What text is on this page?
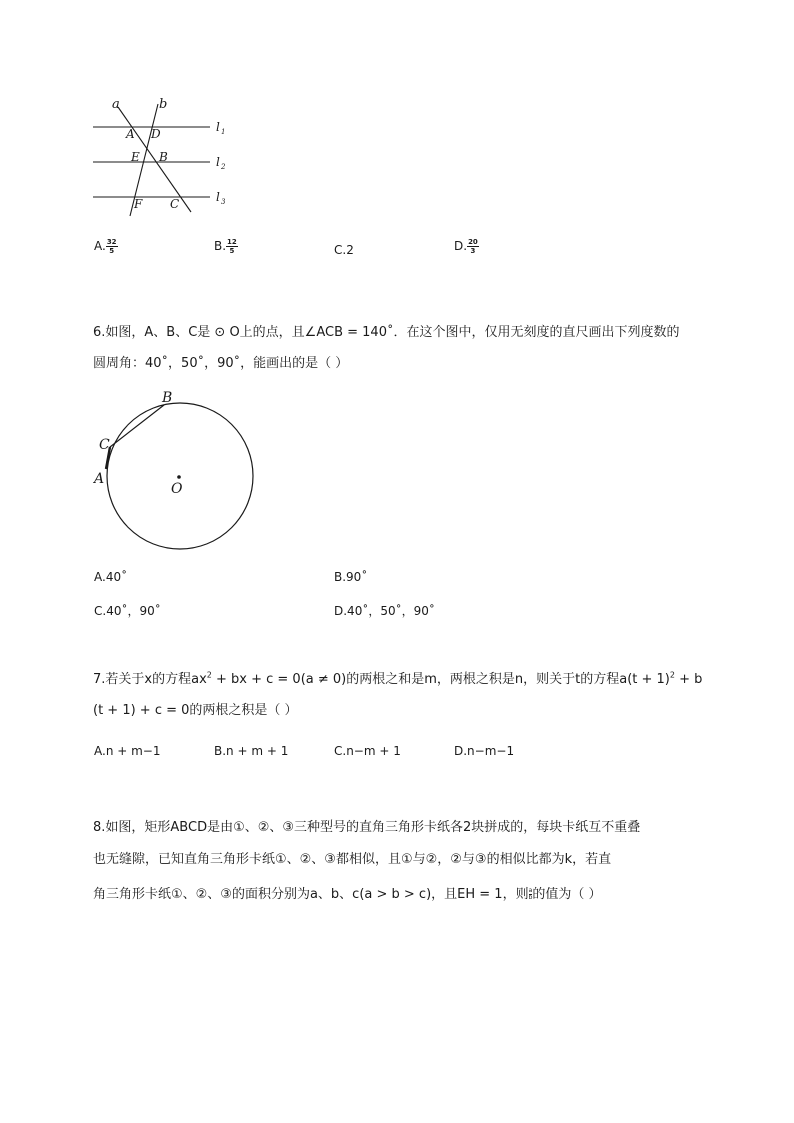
a	b
A D
E B
F C
l 1
l 2
l 3
A. $\frac{32}{5}$	B. $\frac{12}{5}$	C.2	D. $\frac{20}{3}$
6.如图，A、B、C是 ⊙ O上的点，且∠ACB = 140˚．在这个图中，仅用无刻度的直尺画出下列度数的
圆周角：40˚，50˚，90˚，能画出的是（ ）
B
C
A
O
A.40˚	B.90˚
C.40˚，90˚	D.40˚，50˚，90˚
7.若关于x的方程$ax^2$ + bx + c = 0(a ≠ 0)的两根之和是m，两根之积是n，则关于t的方程$a(t + 1)^2 + b$
(t + 1) + c = 0的两根之积是（ ）
A.n + m−1	B.n + m + 1	C.n−m + 1	D.n−m−1
8.如图，矩形ABCD是由①、②、③三种型号的直角三角形卡纸各2块拼成的，每块卡纸互不重叠
也无缝隙，已知直角三角形卡纸①、②、③都相似，且①与②，②与③的相似比都为k，若直
角三角形卡纸①、②、③的面积分别为a、b、c(a > b > c)，且EH = 1，则 $\frac{a}{b}$ 的值为（ ）
